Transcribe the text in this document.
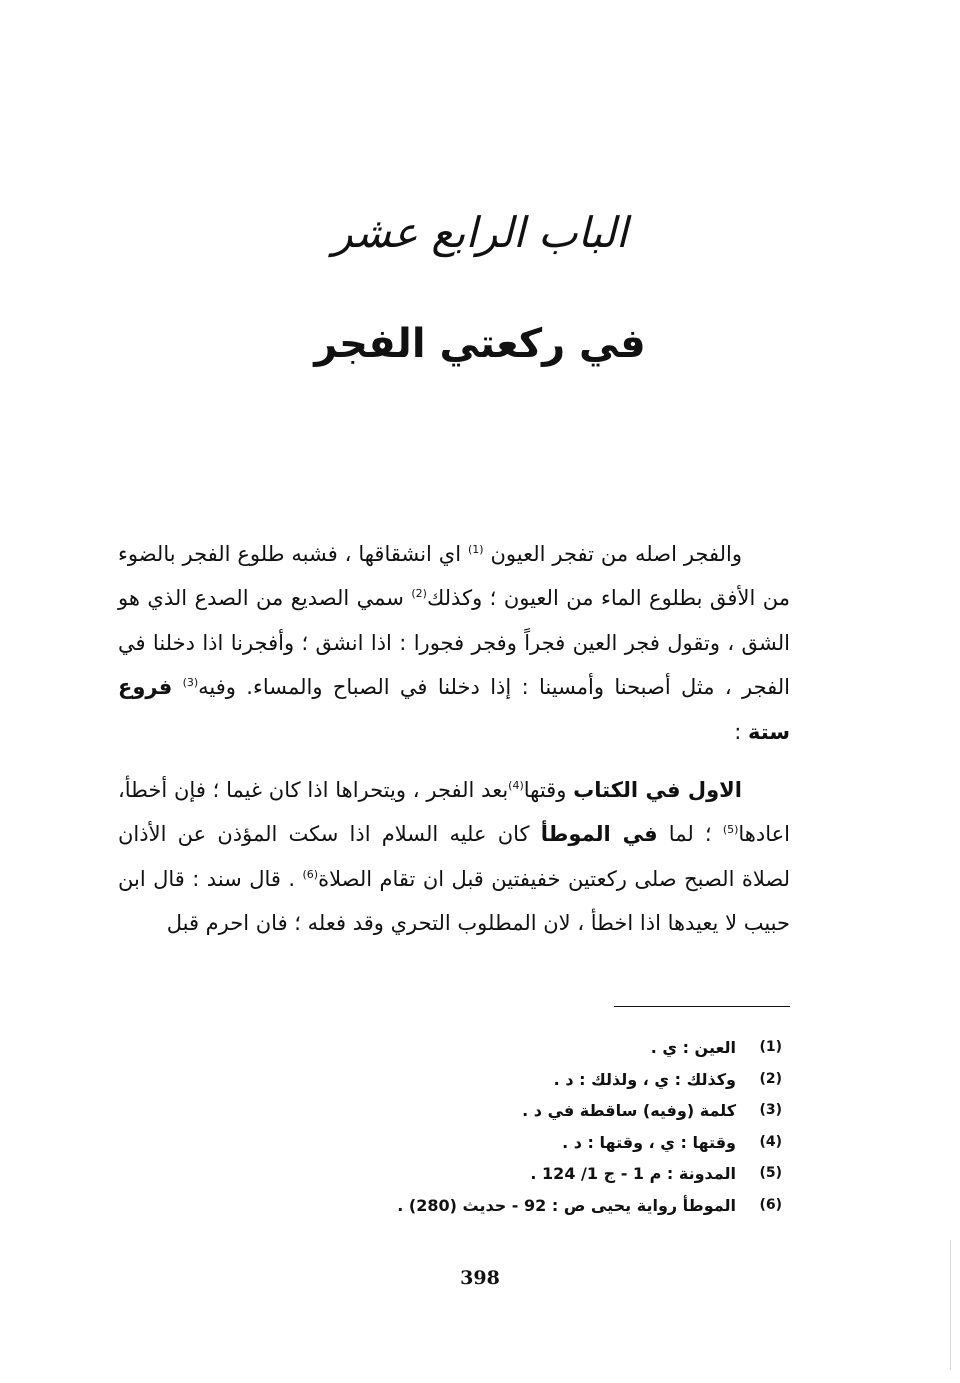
الباب الرابع عشر
في ركعتي الفجر

والفجر اصله من تفجر العيون $^{(1)}$ اي انشقاقها ، فشبه طلوع الفجر بالضوء من الأفق بطلوع الماء من العيون ؛ وكذلك$^{(2)}$ سمي الصديع من الصدع الذي هو الشق ، وتقول فجر العين فجراً وفجر فجورا : اذا انشق ؛ وأفجرنا اذا دخلنا في الفجر ، مثل أصبحنا وأمسينا : إذا دخلنا في الصباح والمساء. وفيه$^{(3)}$ فروع ستة :

الاول في الكتاب وقتها$^{(4)}$بعد الفجر ، ويتحراها اذا كان غيما ؛ فإن أخطأ، اعادها$^{(5)}$ ؛ لما في الموطأ كان عليه السلام اذا سكت المؤذن عن الأذان لصلاة الصبح صلى ركعتين خفيفتين قبل ان تقام الصلاة$^{(6)}$ . قال سند : قال ابن حبيب لا يعيدها اذا اخطأ ، لان المطلوب التحري وقد فعله ؛ فان احرم قبل

(1)
العين : ي .
(2)
وكذلك : ي ، ولذلك : د .
(3)
كلمة (وفيه) ساقطة في د .
(4)
وقتها : ي ، وقتها : د .
(5)
المدونة : م 1 - ج 1/ 124 .
(6)
الموطأ رواية يحيى ص : 92 - حديث (280) .
398
